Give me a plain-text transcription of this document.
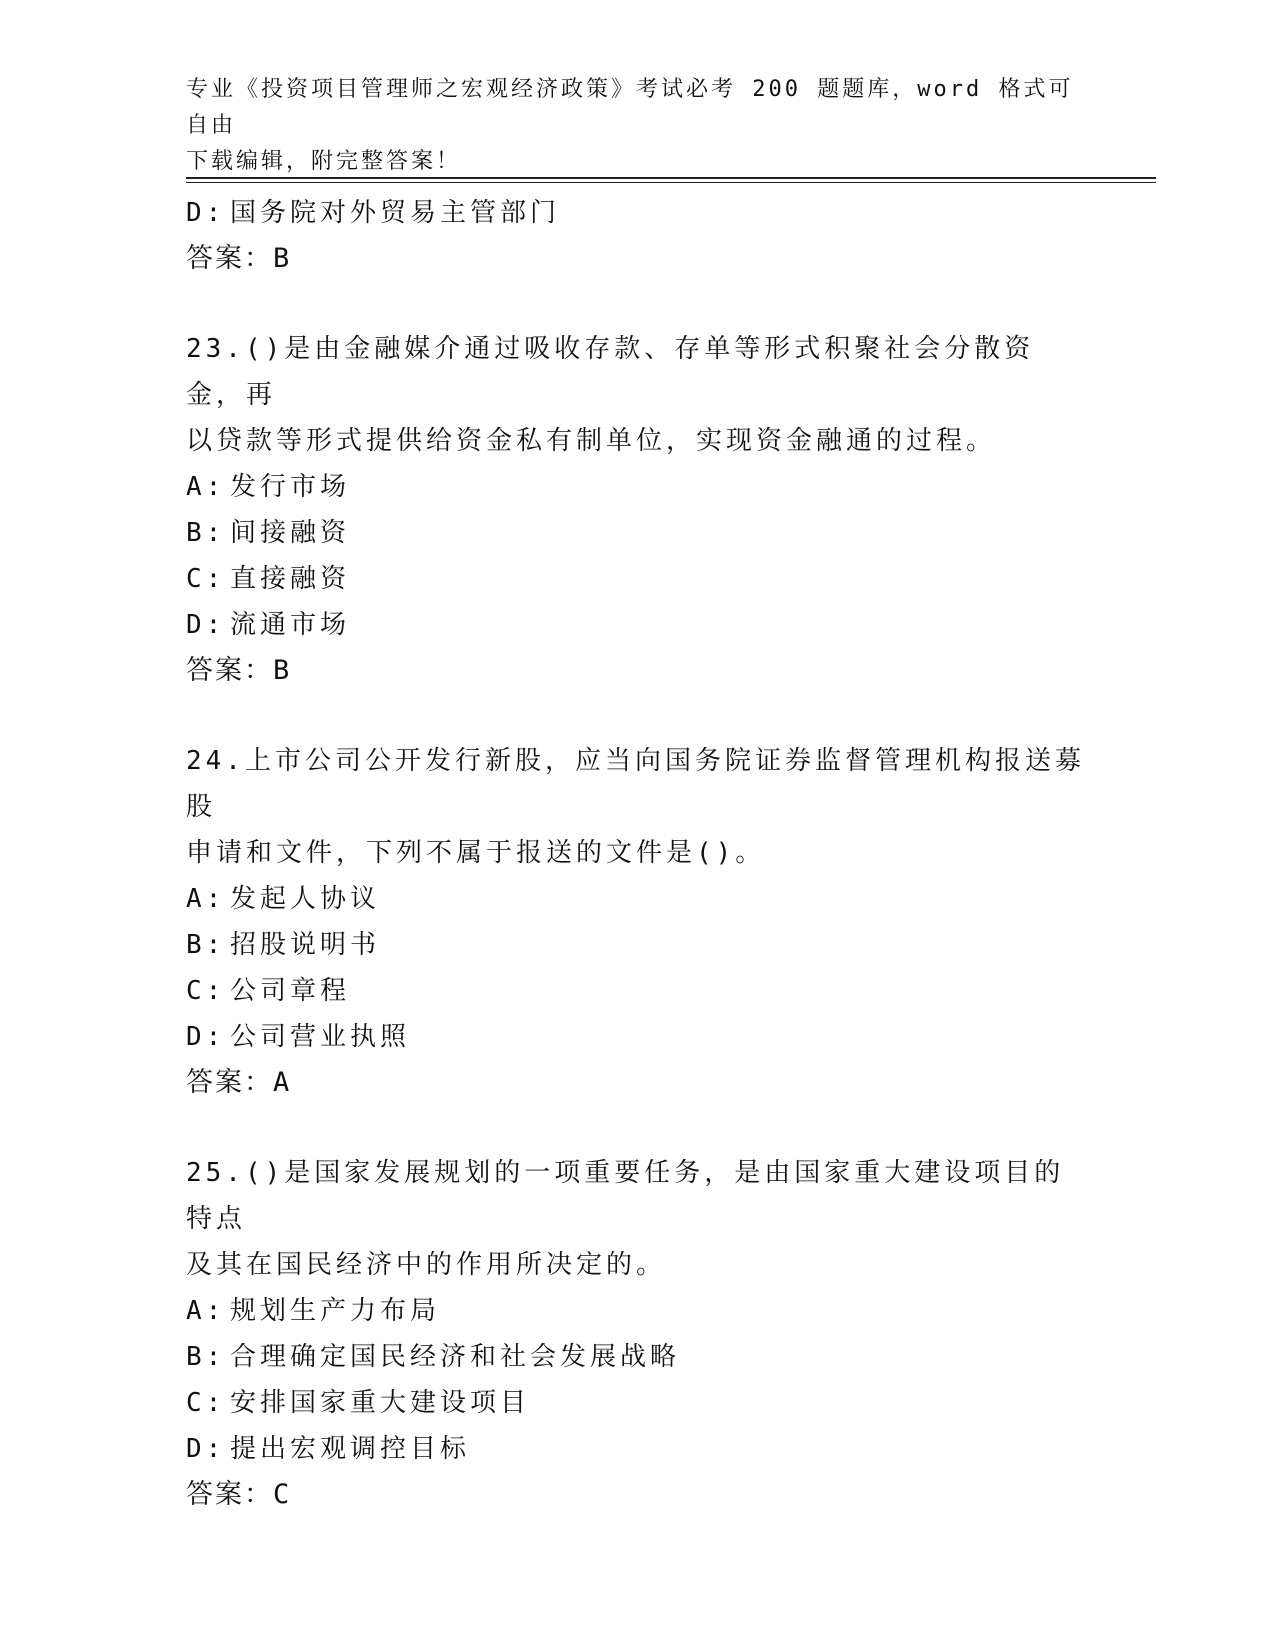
专业《投资项目管理师之宏观经济政策》考试必考 200 题题库，word 格式可自由
下载编辑，附完整答案！
D: 国务院对外贸易主管部门
答案：B
23.()是由金融媒介通过吸收存款、存单等形式积聚社会分散资金，再
以贷款等形式提供给资金私有制单位，实现资金融通的过程。
A: 发行市场
B: 间接融资
C: 直接融资
D: 流通市场
答案：B
24.上市公司公开发行新股，应当向国务院证券监督管理机构报送募股
申请和文件，下列不属于报送的文件是()。
A: 发起人协议
B: 招股说明书
C: 公司章程
D: 公司营业执照
答案：A
25.()是国家发展规划的一项重要任务，是由国家重大建设项目的特点
及其在国民经济中的作用所决定的。
A: 规划生产力布局
B: 合理确定国民经济和社会发展战略
C: 安排国家重大建设项目
D: 提出宏观调控目标
答案：C
